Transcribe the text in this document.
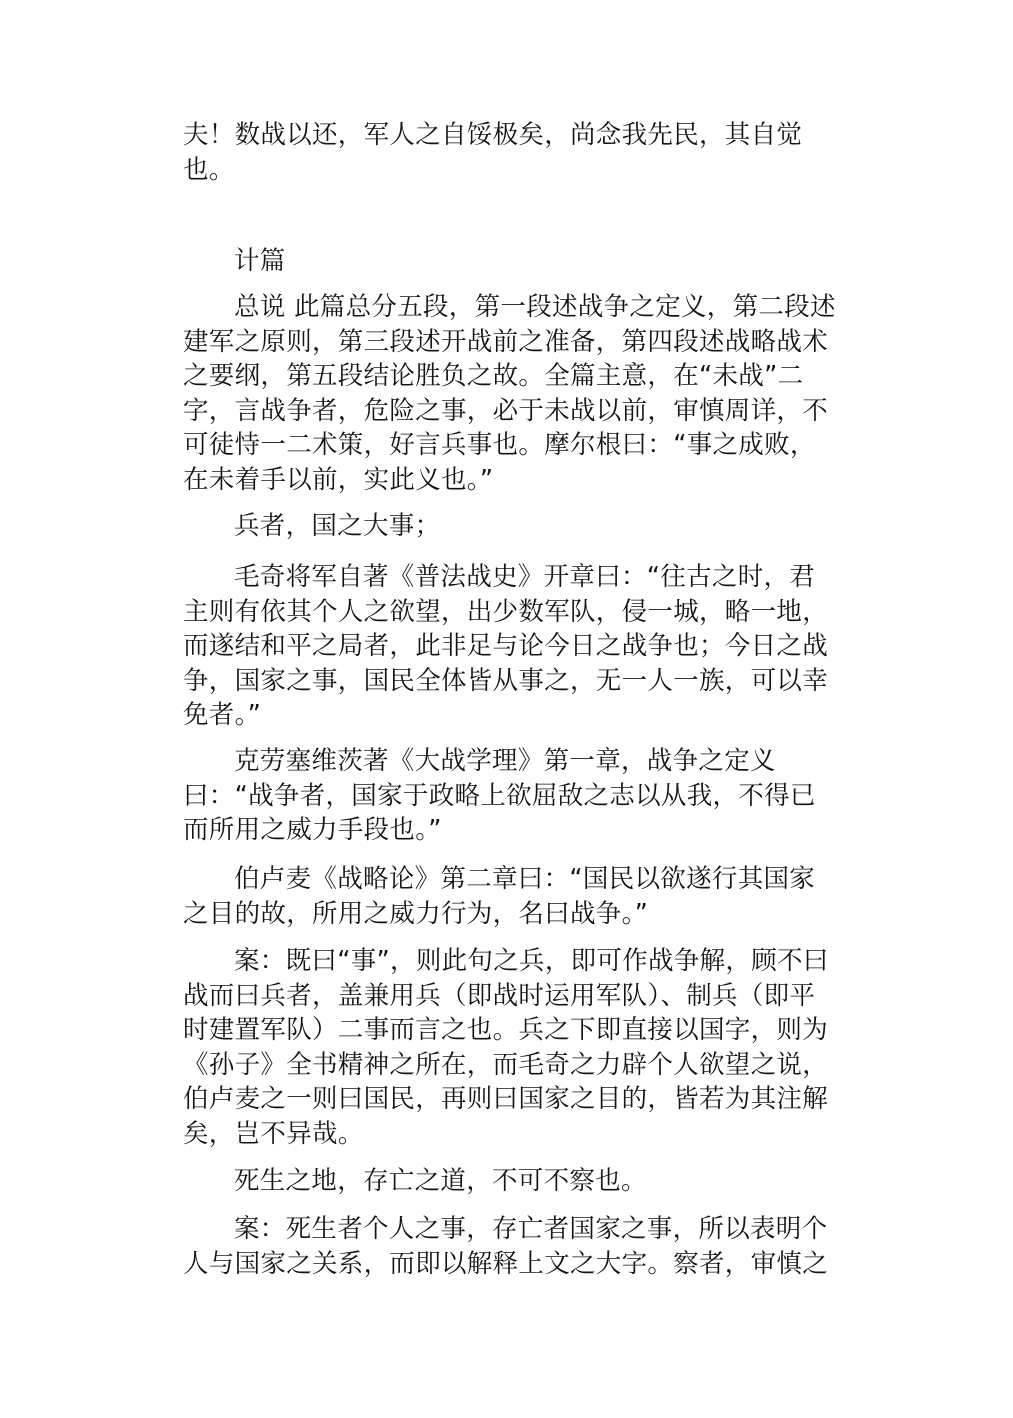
夫！数战以还，军人之自馁极矣，尚念我先民，其自觉
也。
计篇
总说 此篇总分五段，第一段述战争之定义，第二段述
建军之原则，第三段述开战前之准备，第四段述战略战术
之要纲，第五段结论胜负之故。全篇主意，在“未战”二
字，言战争者，危险之事，必于未战以前，审慎周详，不
可徒恃一二术策，好言兵事也。摩尔根曰：“事之成败，
在未着手以前，实此义也。”
兵者，国之大事；
毛奇将军自著《普法战史》开章曰：“往古之时，君
主则有依其个人之欲望，出少数军队，侵一城，略一地，
而遂结和平之局者，此非足与论今日之战争也；今日之战
争，国家之事，国民全体皆从事之，无一人一族，可以幸
免者。”
克劳塞维茨著《大战学理》第一章，战争之定义
曰：“战争者，国家于政略上欲屈敌之志以从我，不得已
而所用之威力手段也。”
伯卢麦《战略论》第二章曰：“国民以欲遂行其国家
之目的故，所用之威力行为，名曰战争。”
案：既曰“事”，则此句之兵，即可作战争解，顾不曰
战而曰兵者，盖兼用兵（即战时运用军队）、制兵（即平
时建置军队）二事而言之也。兵之下即直接以国字，则为
《孙子》全书精神之所在，而毛奇之力辟个人欲望之说，
伯卢麦之一则曰国民，再则曰国家之目的，皆若为其注解
矣，岂不异哉。
死生之地，存亡之道，不可不察也。
案：死生者个人之事，存亡者国家之事，所以表明个
人与国家之关系，而即以解释上文之大字。察者，审慎之
